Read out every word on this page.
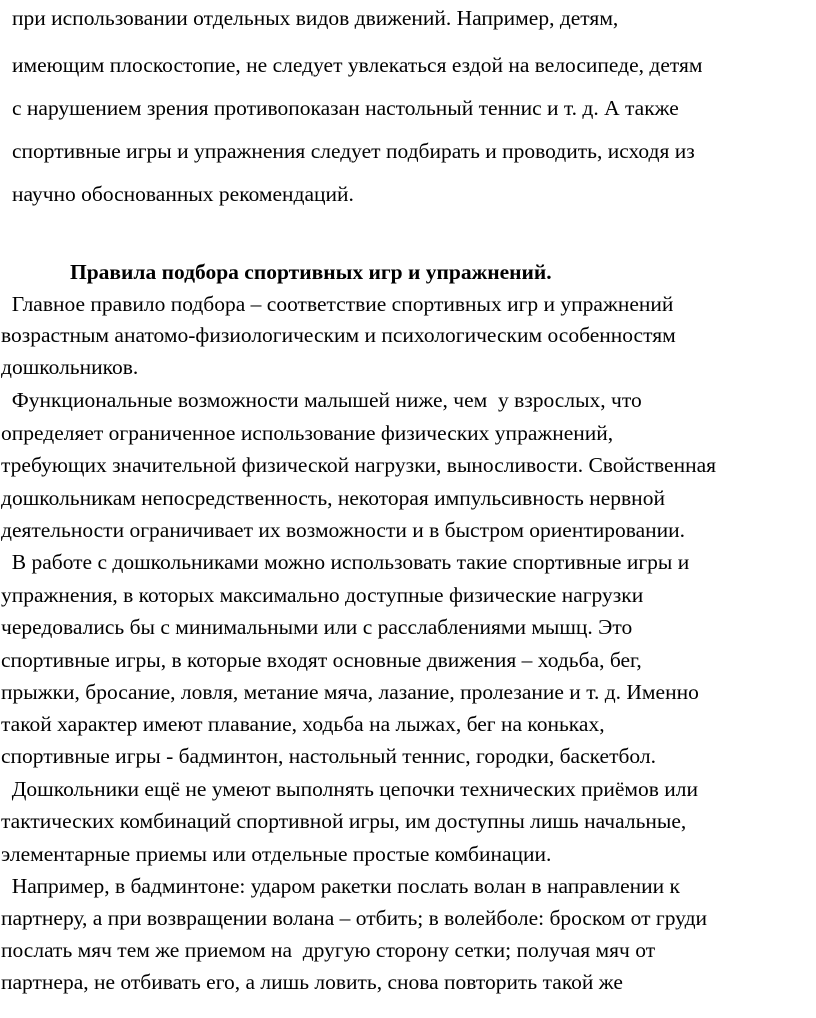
при использовании отдельных видов движений. Например, детям,
имеющим плоскостопие, не следует увлекаться ездой на велосипеде, детям
с нарушением зрения противопоказан настольный теннис и т. д. А также
спортивные игры и упражнения следует подбирать и проводить, исходя из
научно обоснованных рекомендаций.
Правила подбора спортивных игр и упражнений.
Главное правило подбора – соответствие спортивных игр и упражнений
возрастным анатомо-физиологическим и психологическим особенностям
дошкольников.
Функциональные возможности малышей ниже, чем  у взрослых, что
определяет ограниченное использование физических упражнений,
требующих значительной физической нагрузки, выносливости. Свойственная
дошкольникам непосредственность, некоторая импульсивность нервной
деятельности ограничивает их возможности и в быстром ориентировании.
В работе с дошкольниками можно использовать такие спортивные игры и
упражнения, в которых максимально доступные физические нагрузки
чередовались бы с минимальными или с расслаблениями мышц. Это
спортивные игры, в которые входят основные движения – ходьба, бег,
прыжки, бросание, ловля, метание мяча, лазание, пролезание и т. д. Именно
такой характер имеют плавание, ходьба на лыжах, бег на коньках,
спортивные игры - бадминтон, настольный теннис, городки, баскетбол.
Дошкольники ещё не умеют выполнять цепочки технических приёмов или
тактических комбинаций спортивной игры, им доступны лишь начальные,
элементарные приемы или отдельные простые комбинации.
Например, в бадминтоне: ударом ракетки послать волан в направлении к
партнеру, а при возвращении волана – отбить; в волейболе: броском от груди
послать мяч тем же приемом на  другую сторону сетки; получая мяч от
партнера, не отбивать его, а лишь ловить, снова повторить такой же
